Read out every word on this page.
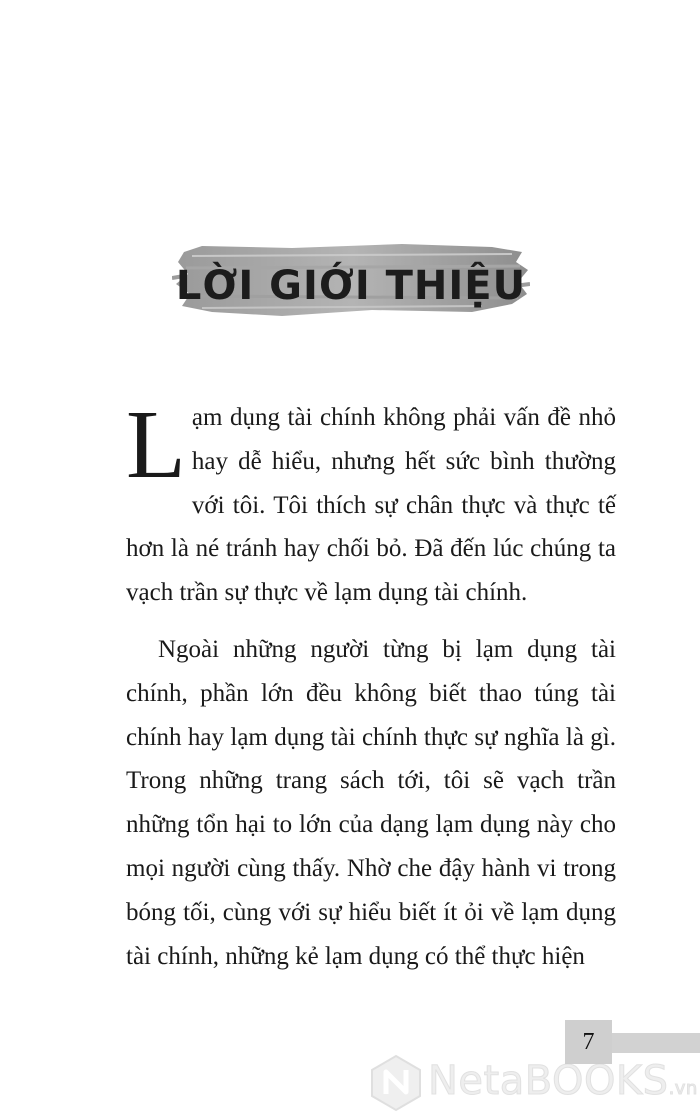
LỜI GIỚI THIỆU

Lạm dụng tài chính không phải vấn đề nhỏ hay dễ hiểu, nhưng hết sức bình thường với tôi. Tôi thích sự chân thực và thực tế hơn là né tránh hay chối bỏ. Đã đến lúc chúng ta vạch trần sự thực về lạm dụng tài chính.

Ngoài những người từng bị lạm dụng tài chính, phần lớn đều không biết thao túng tài chính hay lạm dụng tài chính thực sự nghĩa là gì. Trong những trang sách tới, tôi sẽ vạch trần những tổn hại to lớn của dạng lạm dụng này cho mọi người cùng thấy. Nhờ che đậy hành vi trong bóng tối, cùng với sự hiểu biết ít ỏi về lạm dụng tài chính, những kẻ lạm dụng có thể thực hiện

7
NetaBOOKS.vn
